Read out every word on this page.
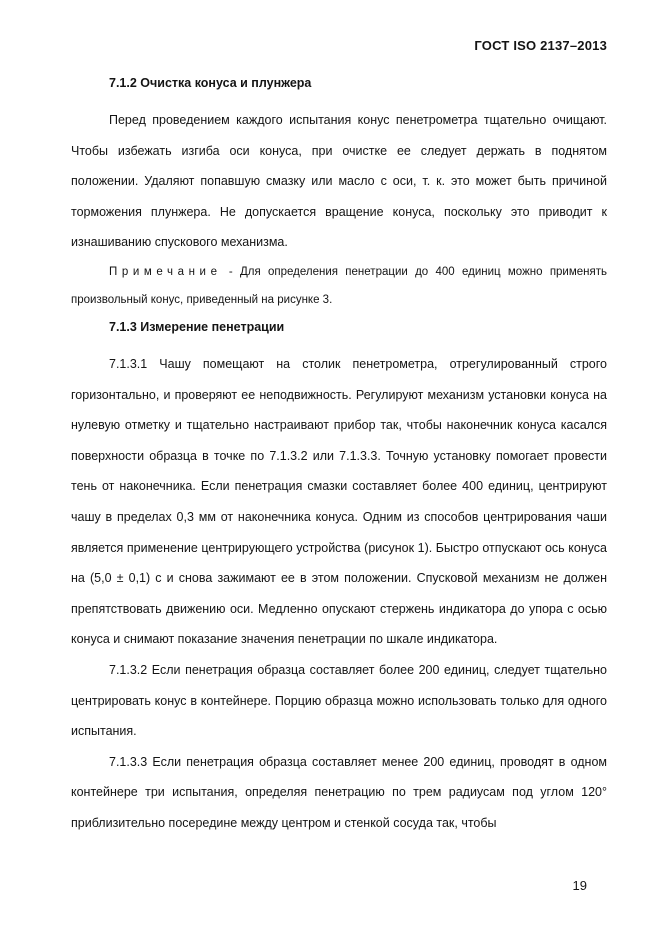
ГОСТ ISO 2137–2013
7.1.2 Очистка конуса и плунжера

Перед проведением каждого испытания конус пенетрометра тщательно очищают. Чтобы избежать изгиба оси конуса, при очистке ее следует держать в поднятом положении. Удаляют попавшую смазку или масло с оси, т. к. это может быть причиной торможения плунжера. Не допускается вращение конуса, поскольку это приводит к изнашиванию спускового механизма.

Примечание - Для определения пенетрации до 400 единиц можно применять произвольный конус, приведенный на рисунке 3.

7.1.3 Измерение пенетрации

7.1.3.1 Чашу помещают на столик пенетрометра, отрегулированный строго горизонтально, и проверяют ее неподвижность. Регулируют механизм установки конуса на нулевую отметку и тщательно настраивают прибор так, чтобы наконечник конуса касался поверхности образца в точке по 7.1.3.2 или 7.1.3.3. Точную установку помогает провести тень от наконечника. Если пенетрация смазки составляет более 400 единиц, центрируют чашу в пределах 0,3 мм от наконечника конуса. Одним из способов центрирования чаши является применение центрирующего устройства (рисунок 1). Быстро отпускают ось конуса на (5,0 ± 0,1) с и снова зажимают ее в этом положении. Спусковой механизм не должен препятствовать движению оси. Медленно опускают стержень индикатора до упора с осью конуса и снимают показание значения пенетрации по шкале индикатора.

7.1.3.2 Если пенетрация образца составляет более 200 единиц, следует тщательно центрировать конус в контейнере. Порцию образца можно использовать только для одного испытания.

7.1.3.3 Если пенетрация образца составляет менее 200 единиц, проводят в одном контейнере три испытания, определяя пенетрацию по трем радиусам под углом 120° приблизительно посередине между центром и стенкой сосуда так, чтобы

19
